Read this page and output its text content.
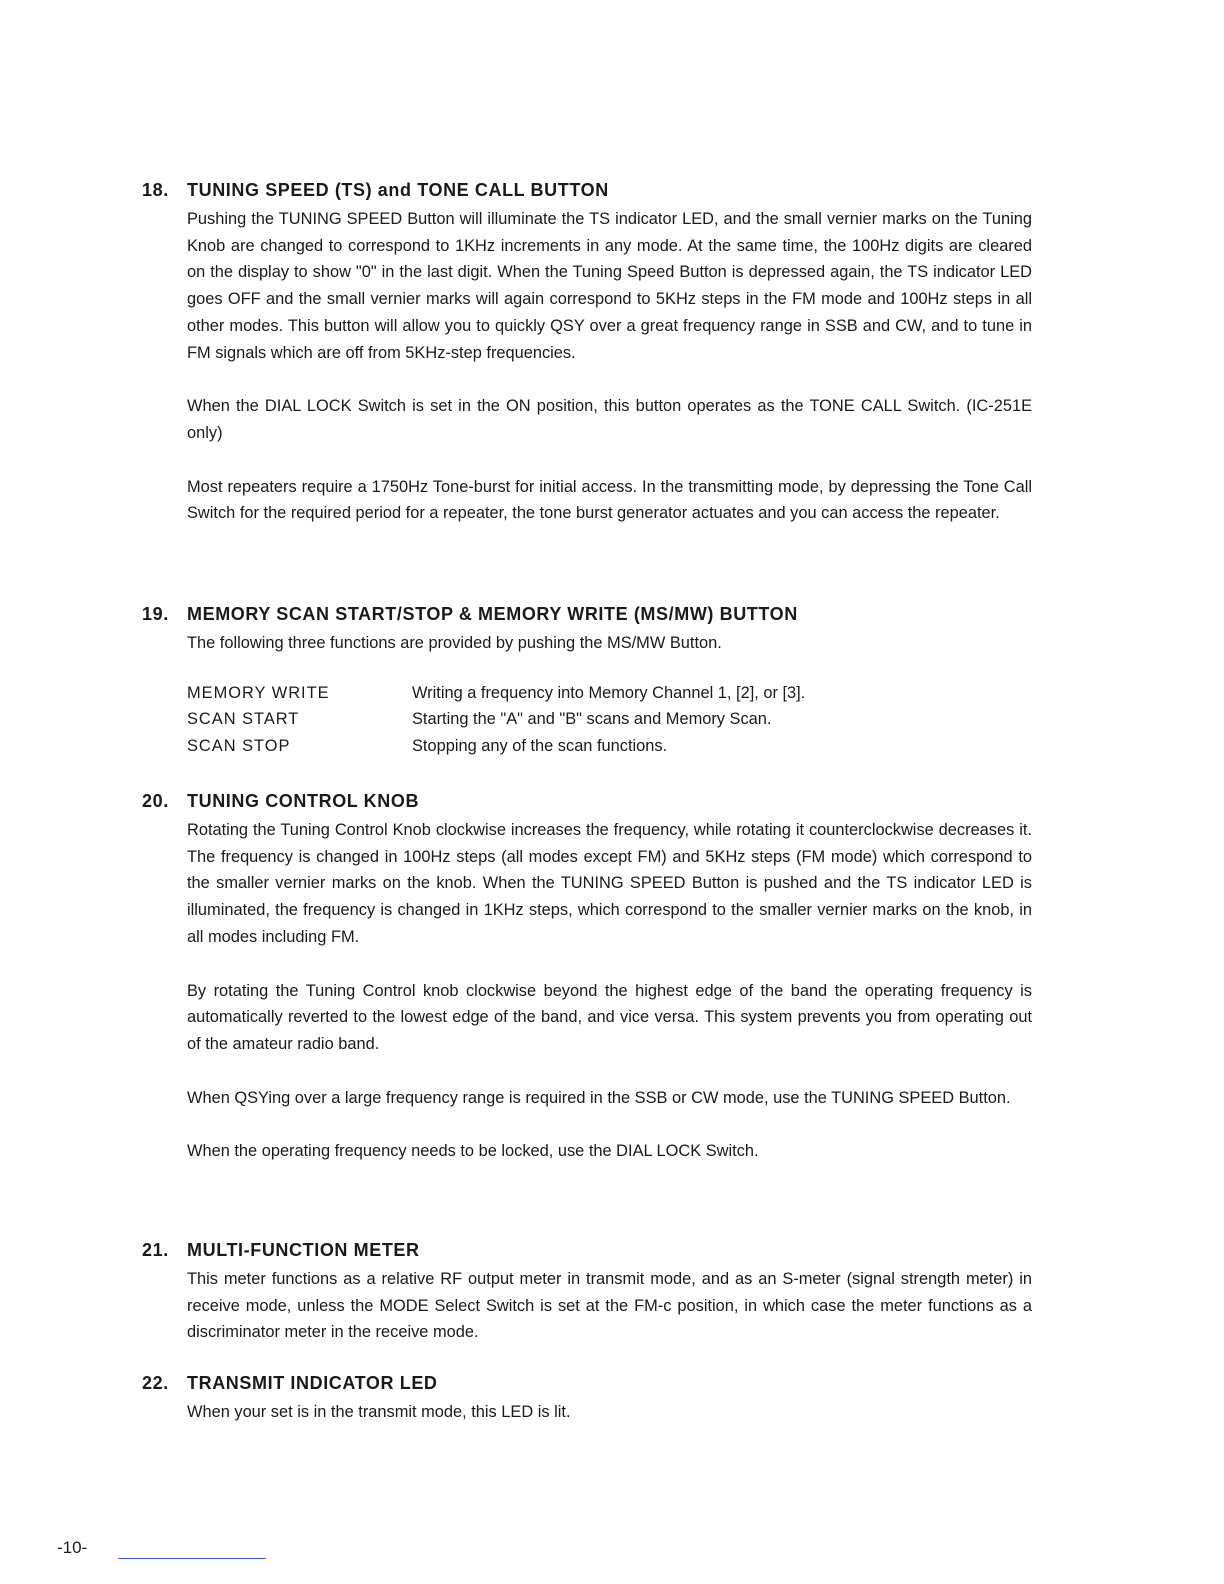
18. TUNING SPEED (TS) and TONE CALL BUTTON

Pushing the TUNING SPEED Button will illuminate the TS indicator LED, and the small vernier marks on the Tuning Knob are changed to correspond to 1KHz increments in any mode. At the same time, the 100Hz digits are cleared on the display to show "0" in the last digit. When the Tuning Speed Button is depressed again, the TS indicator LED goes OFF and the small vernier marks will again correspond to 5KHz steps in the FM mode and 100Hz steps in all other modes. This button will allow you to quickly QSY over a great frequency range in SSB and CW, and to tune in FM signals which are off from 5KHz-step frequencies.

When the DIAL LOCK Switch is set in the ON position, this button operates as the TONE CALL Switch. (IC-251E only)

Most repeaters require a 1750Hz Tone-burst for initial access. In the transmitting mode, by depressing the Tone Call Switch for the required period for a repeater, the tone burst generator actuates and you can access the repeater.

19. MEMORY SCAN START/STOP & MEMORY WRITE (MS/MW) BUTTON

The following three functions are provided by pushing the MS/MW Button.

MEMORY WRITE	Writing a frequency into Memory Channel 1, [2], or [3].
SCAN START	Starting the "A" and "B" scans and Memory Scan.
SCAN STOP	Stopping any of the scan functions.
20. TUNING CONTROL KNOB

Rotating the Tuning Control Knob clockwise increases the frequency, while rotating it counterclockwise decreases it. The frequency is changed in 100Hz steps (all modes except FM) and 5KHz steps (FM mode) which correspond to the smaller vernier marks on the knob. When the TUNING SPEED Button is pushed and the TS indicator LED is illuminated, the frequency is changed in 1KHz steps, which correspond to the smaller vernier marks on the knob, in all modes including FM.

By rotating the Tuning Control knob clockwise beyond the highest edge of the band the operating frequency is automatically reverted to the lowest edge of the band, and vice versa. This system prevents you from operating out of the amateur radio band.

When QSYing over a large frequency range is required in the SSB or CW mode, use the TUNING SPEED Button.

When the operating frequency needs to be locked, use the DIAL LOCK Switch.

21. MULTI-FUNCTION METER

This meter functions as a relative RF output meter in transmit mode, and as an S-meter (signal strength meter) in receive mode, unless the MODE Select Switch is set at the FM-c position, in which case the meter functions as a discriminator meter in the receive mode.

22. TRANSMIT INDICATOR LED

When your set is in the transmit mode, this LED is lit.

-10-
